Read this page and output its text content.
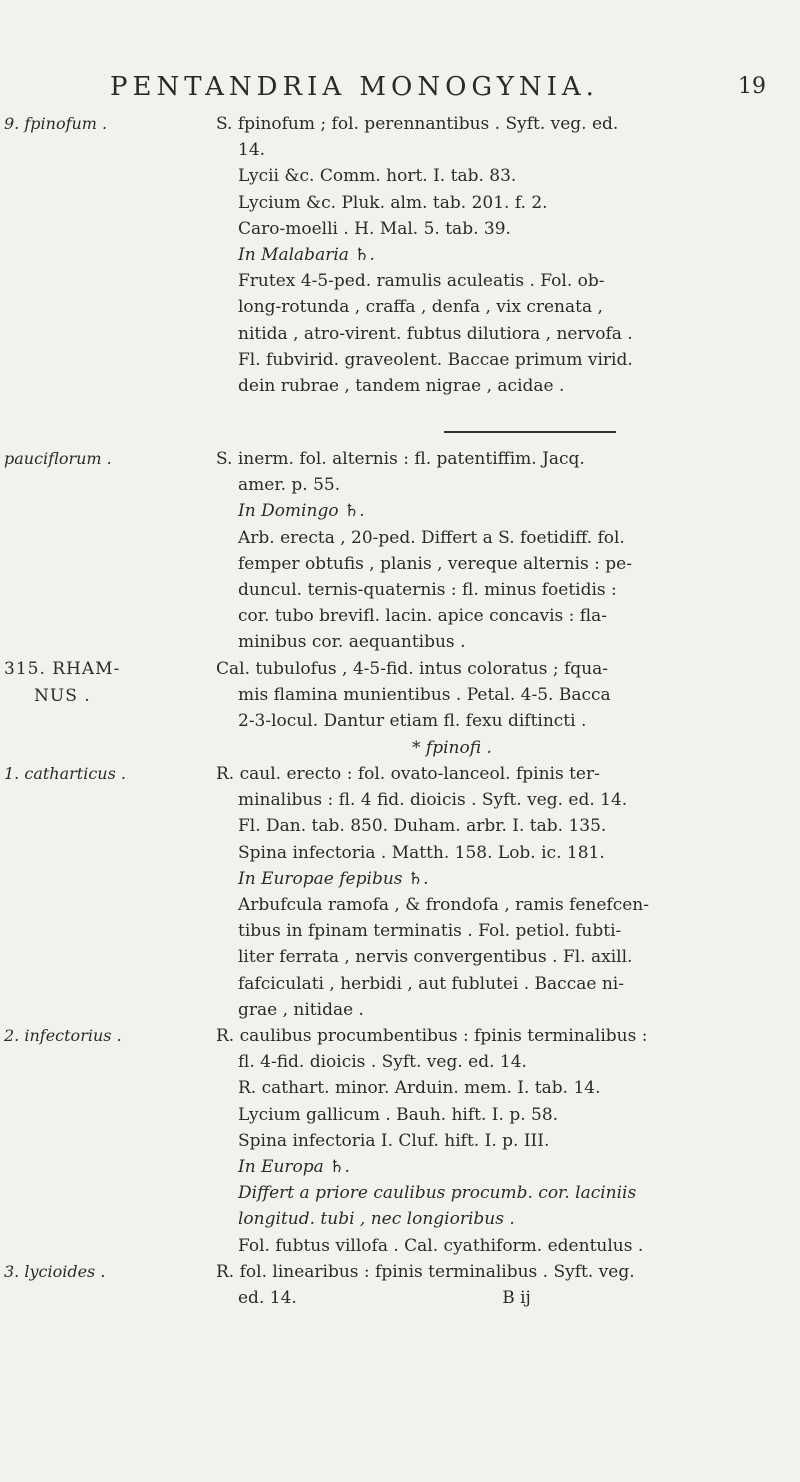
PENTANDRIA MONOGYNIA.	19
9. fpinofum .	S. fpinofum ; fol. perennantibus . Syft. veg. ed.
14.
Lycii &c. Comm. hort. I. tab. 83.
Lycium &c. Pluk. alm. tab. 201. f. 2.
Caro-moelli . H. Mal. 5. tab. 39.
In Malabaria ♄.
Frutex 4-5-ped. ramulis aculeatis . Fol. ob-
long-rotunda , craffa , denfa , vix crenata ,
nitida , atro-virent. fubtus dilutiora , nervofa .
Fl. fubvirid. graveolent. Baccae primum virid.
dein rubrae , tandem nigrae , acidae .
pauciflorum .	S. inerm. fol. alternis : fl. patentiffim. Jacq.
amer. p. 55.
In Domingo ♄.
Arb. erecta , 20-ped. Differt a S. foetidiff. fol.
femper obtufis , planis , vereque alternis : pe-
duncul. ternis-quaternis : fl. minus foetidis :
cor. tubo brevifl. lacin. apice concavis : fla-
minibus cor. aequantibus .
315. RHAM-
NUS .
Cal. tubulofus , 4-5-fid. intus coloratus ; fqua-
mis flamina munientibus . Petal. 4-5. Bacca
2-3-locul. Dantur etiam fl. fexu diftincti .
* fpinofi .
1. catharticus .	R. caul. erecto : fol. ovato-lanceol. fpinis ter-
minalibus : fl. 4 fid. dioicis . Syft. veg. ed. 14.
Fl. Dan. tab. 850. Duham. arbr. I. tab. 135.
Spina infectoria . Matth. 158. Lob. ic. 181.
In Europae fepibus ♄.
Arbufcula ramofa , & frondofa , ramis fenefcen-
tibus in fpinam terminatis . Fol. petiol. fubti-
liter ferrata , nervis convergentibus . Fl. axill.
fafciculati , herbidi , aut fublutei . Baccae ni-
grae , nitidae .
2. infectorius .	R. caulibus procumbentibus : fpinis terminalibus :
fl. 4-fid. dioicis . Syft. veg. ed. 14.
R. cathart. minor. Arduin. mem. I. tab. 14.
Lycium gallicum . Bauh. hift. I. p. 58.
Spina infectoria I. Cluf. hift. I. p. III.
In Europa ♄.
Differt a priore caulibus procumb. cor. laciniis
longitud. tubi , nec longioribus .
Fol. fubtus villofa . Cal. cyathiform. edentulus .
3. lycioides .	R. fol. linearibus : fpinis terminalibus . Syft. veg.
ed. 14.	B ij
